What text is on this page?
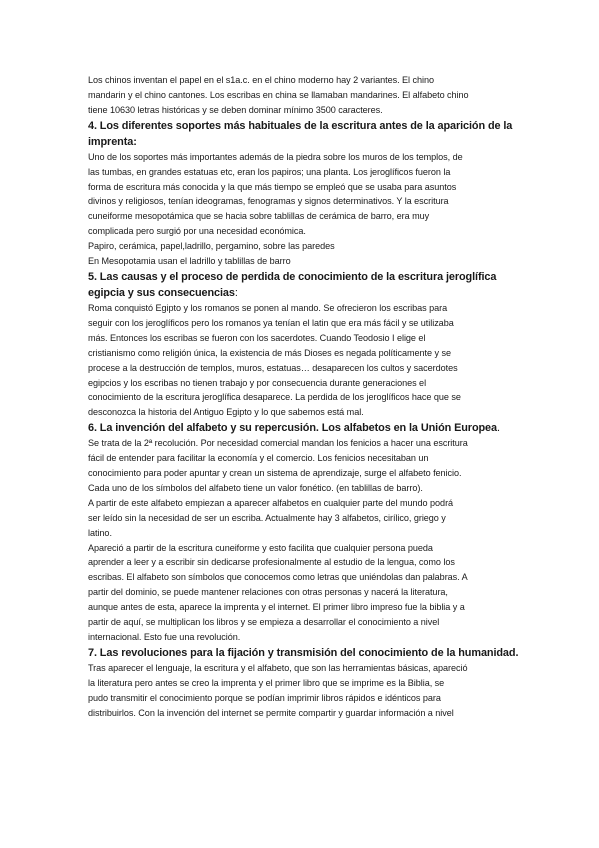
Los chinos inventan el papel en el s1a.c. en el chino moderno hay 2 variantes. El chino
mandarin y el chino cantones. Los escribas en china se llamaban mandarines. El alfabeto chino
tiene 10630 letras históricas y se deben dominar mínimo 3500 caracteres.
4. Los diferentes soportes más habituales de la escritura antes de la aparición de la
imprenta:
Uno de los soportes más importantes además de la piedra sobre los muros de los templos, de
las tumbas, en grandes estatuas etc, eran los papiros; una planta. Los jeroglíficos fueron la
forma de escritura más conocida y la que más tiempo se empleó que se usaba para asuntos
divinos y religiosos, tenían ideogramas, fenogramas y signos determinativos. Y la escritura
cuneiforme mesopotámica que se hacia sobre tablillas de cerámica de barro, era muy
complicada pero surgió por una necesidad económica.
Papiro, cerámica, papel,ladrillo, pergamino, sobre las paredes
En Mesopotamia usan el ladrillo y tablillas de barro
5. Las causas y el proceso de perdida de conocimiento de la escritura jeroglífica
egipcia y sus consecuencias:
Roma conquistó Egipto y los romanos se ponen al mando. Se ofrecieron los escribas para
seguir con los jeroglíficos pero los romanos ya tenían el latin que era más fácil y se utilizaba
más. Entonces los escribas se fueron con los sacerdotes. Cuando Teodosio I elige el
cristianismo como religión única, la existencia de más Dioses es negada políticamente y se
procese a la destrucción de templos, muros, estatuas… desaparecen los cultos y sacerdotes
egipcios y los escribas no tienen trabajo y por consecuencia durante generaciones el
conocimiento de la escritura jeroglífica desaparece. La perdida de los jeroglíficos hace que se
desconozca la historia del Antiguo Egipto y lo que sabemos está mal.
6. La invención del alfabeto y su repercusión. Los alfabetos en la Unión Europea.
Se trata de la 2ª recolución. Por necesidad comercial mandan los fenicios a hacer una escritura
fácil de entender para facilitar la economía y el comercio. Los fenicios necesitaban un
conocimiento para poder apuntar y crean un sistema de aprendizaje, surge el alfabeto fenicio.
Cada uno de los símbolos del alfabeto tiene un valor fonético. (en tablillas de barro).
A partir de este alfabeto empiezan a aparecer alfabetos en cualquier parte del mundo podrá
ser leído sin la necesidad de ser un escriba. Actualmente hay 3 alfabetos, cirílico, griego y
latino.
Apareció a partir de la escritura cuneiforme y esto facilita que cualquier persona pueda
aprender a leer y a escribir sin dedicarse profesionalmente al estudio de la lengua, como los
escribas. El alfabeto son símbolos que conocemos como letras que uniéndolas dan palabras. A
partir del dominio, se puede mantener relaciones con otras personas y nacerá la literatura,
aunque antes de esta, aparece la imprenta y el internet. El primer libro impreso fue la biblia y a
partir de aquí, se multiplican los libros y se empieza a desarrollar el conocimiento a nivel
internacional. Esto fue una revolución.
7. Las revoluciones para la fijación y transmisión del conocimiento de la humanidad.
Tras aparecer el lenguaje, la escritura y el alfabeto, que son las herramientas básicas, apareció
la literatura pero antes se creo la imprenta y el primer libro que se imprime es la Biblia, se
pudo transmitir el conocimiento porque se podían imprimir libros rápidos e idénticos para
distribuirlos. Con la invención del internet se permite compartir y guardar información a nivel
